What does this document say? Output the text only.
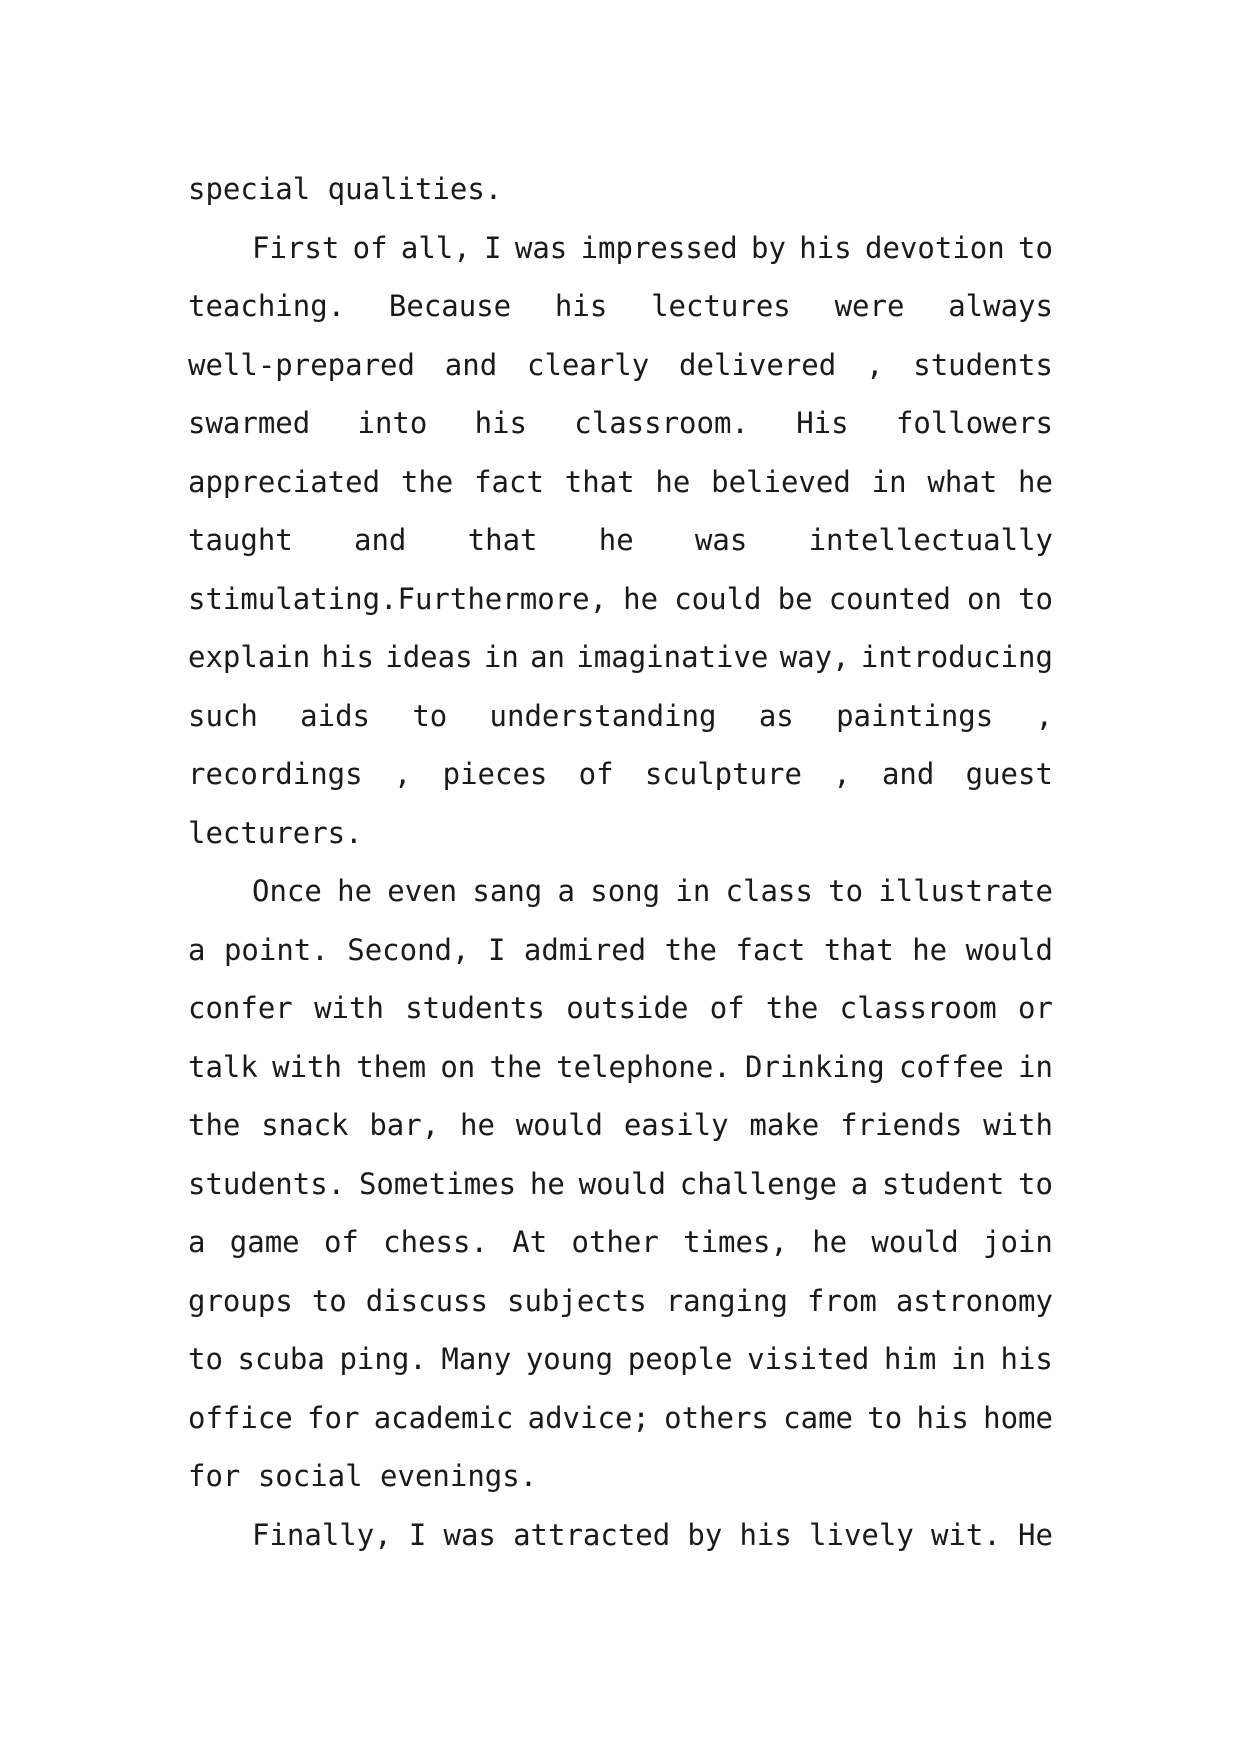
special qualities.
First of all, I was impressed by his devotion to
teaching. Because his lectures were always
well-prepared and clearly delivered , students
swarmed into his classroom. His followers
appreciated the fact that he believed in what he
taught and that he was intellectually
stimulating.Furthermore, he could be counted on to
explain his ideas in an imaginative way, introducing
such aids to understanding as paintings ,
recordings , pieces of sculpture , and guest
lecturers.
Once he even sang a song in class to illustrate
a point. Second, I admired the fact that he would
confer with students outside of the classroom or
talk with them on the telephone. Drinking coffee in
the snack bar, he would easily make friends with
students. Sometimes he would challenge a student to
a game of chess. At other times, he would join
groups to discuss subjects ranging from astronomy
to scuba ping. Many young people visited him in his
office for academic advice; others came to his home
for social evenings.
Finally, I was attracted by his lively wit. He
